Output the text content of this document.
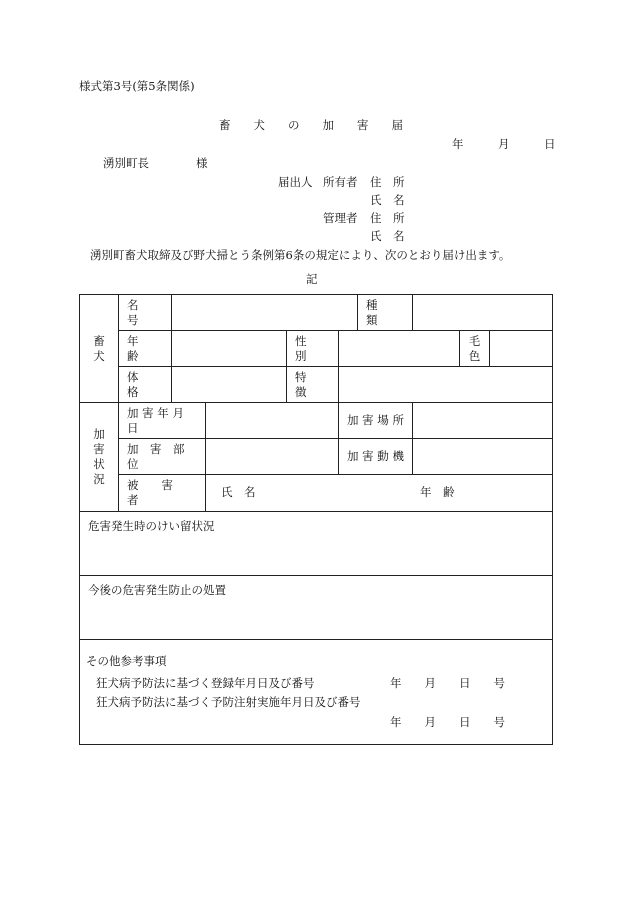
様式第3号(第5条関係)
畜　　犬　　の　　加　　害　　届
年　　　月　　　日
湧別町長	様
届出人 所有者 住　所
氏　名
管理者 住　所
氏　名
湧別町畜犬取締及び野犬掃とう条例第6条の規定により、次のとおり届け出ます。
記
畜 犬	名　　号					種　　類			
	年　　齢			性　　別				毛　色	
	体　　格			特　　徴					

加 害
状 況	加 害 年 月 日				加 害 場 所				
	加　害　部　位				加 害 動 機				
	被　　害　　者		氏　名 年　齢						

危害発生時のけい留状況									
今後の危害発生防止の処置									

その他参考事項
狂犬病予防法に基づく登録年月日及び番号 年　　月　　日　　号
狂犬病予防法に基づく予防注射実施年月日及び番号
年　　月　　日　　号									
